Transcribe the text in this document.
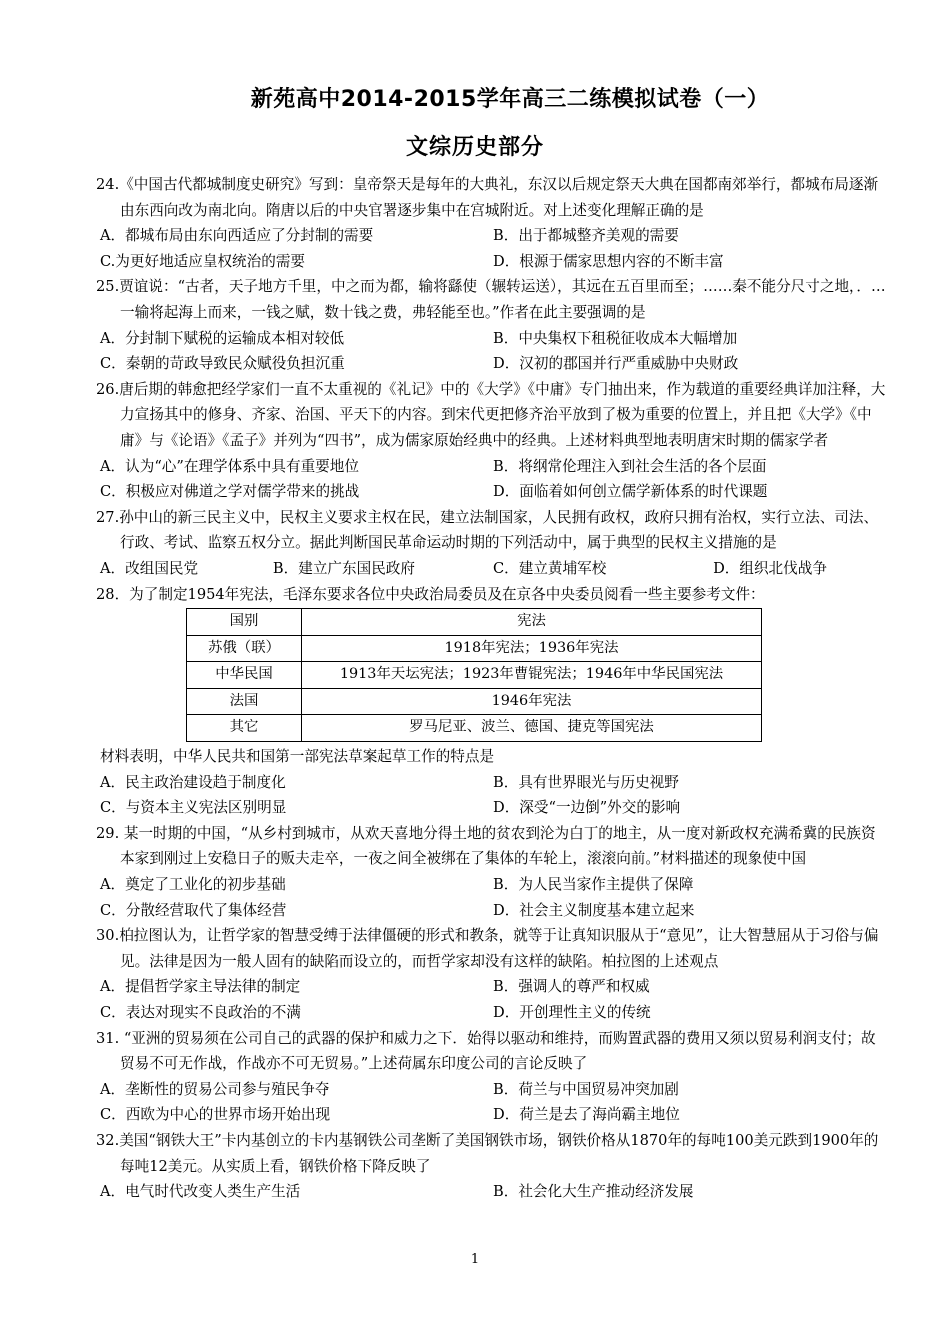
新苑高中2014-2015学年高三二练模拟试卷（一）
文综历史部分

24.《中国古代都城制度史研究》写到：皇帝祭天是每年的大典礼，东汉以后规定祭天大典在国都南郊举行，都城布局逐渐由东西向改为南北向。隋唐以后的中央官署逐步集中在宫城附近。对上述变化理解正确的是

A．都城布局由东向西适应了分封制的需要	B．出于都城整齐美观的需要
C.为更好地适应皇权统治的需要	D．根源于儒家思想内容的不断丰富

25.贾谊说：“古者，天子地方千里，中之而为都，输将繇使（辗转运送），其远在五百里而至；……秦不能分尺寸之地，．…一输将起海上而来，一钱之赋，数十钱之费，弗轻能至也。”作者在此主要强调的是

A．分封制下赋税的运输成本相对较低	B．中央集权下租税征收成本大幅增加
C．秦朝的苛政导致民众赋役负担沉重	D．汉初的郡国并行严重威胁中央财政

26.唐后期的韩愈把经学家们一直不太重视的《礼记》中的《大学》《中庸》专门抽出来，作为载道的重要经典详加注释，大力宣扬其中的修身、齐家、治国、平天下的内容。到宋代更把修齐治平放到了极为重要的位置上，并且把《大学》《中庸》与《论语》《孟子》并列为“四书”，成为儒家原始经典中的经典。上述材料典型地表明唐宋时期的儒家学者

A．认为“心”在理学体系中具有重要地位	B．将纲常伦理注入到社会生活的各个层面
C．积极应对佛道之学对儒学带来的挑战	D．面临着如何创立儒学新体系的时代课题

27.孙中山的新三民主义中，民权主义要求主权在民，建立法制国家，人民拥有政权，政府只拥有治权，实行立法、司法、行政、考试、监察五权分立。据此判断国民革命运动时期的下列活动中，属于典型的民权主义措施的是

A．改组国民党	B．建立广东国民政府	C．建立黄埔军校	D．组织北伐战争

28．为了制定1954年宪法，毛泽东要求各位中央政治局委员及在京各中央委员阅看一些主要参考文件：

国别	宪法
苏俄（联）	1918年宪法；1936年宪法
中华民国	1913年天坛宪法；1923年曹锟宪法；1946年中华民国宪法
法国	1946年宪法
其它	罗马尼亚、波兰、德国、捷克等国宪法

材料表明，中华人民共和国第一部宪法草案起草工作的特点是

A．民主政治建设趋于制度化	B．具有世界眼光与历史视野
C．与资本主义宪法区别明显	D．深受“一边倒”外交的影响

29. 某一时期的中国，“从乡村到城市，从欢天喜地分得土地的贫农到沦为白丁的地主，从一度对新政权充满希冀的民族资本家到刚过上安稳日子的贩夫走卒，一夜之间全被绑在了集体的车轮上，滚滚向前。”材料描述的现象使中国

A．奠定了工业化的初步基础	B．为人民当家作主提供了保障
C．分散经营取代了集体经营	D．社会主义制度基本建立起来

30.柏拉图认为，让哲学家的智慧受缚于法律僵硬的形式和教条，就等于让真知识服从于“意见”，让大智慧屈从于习俗与偏见。法律是因为一般人固有的缺陷而设立的，而哲学家却没有这样的缺陷。柏拉图的上述观点

A．提倡哲学家主导法律的制定	B．强调人的尊严和权威
C．表达对现实不良政治的不满	D．开创理性主义的传统

31. “亚洲的贸易须在公司自己的武器的保护和威力之下．始得以驱动和维持，而购置武器的费用又须以贸易利润支付；故贸易不可无作战，作战亦不可无贸易。”上述荷属东印度公司的言论反映了

A．垄断性的贸易公司参与殖民争夺	B．荷兰与中国贸易冲突加剧
C．西欧为中心的世界市场开始出现	D．荷兰是去了海尚霸主地位

32.美国“钢铁大王”卡内基创立的卡内基钢铁公司垄断了美国钢铁市场，钢铁价格从1870年的每吨100美元跌到1900年的每吨12美元。从实质上看，钢铁价格下降反映了

A．电气时代改变人类生产生活	B．社会化大生产推动经济发展
1
